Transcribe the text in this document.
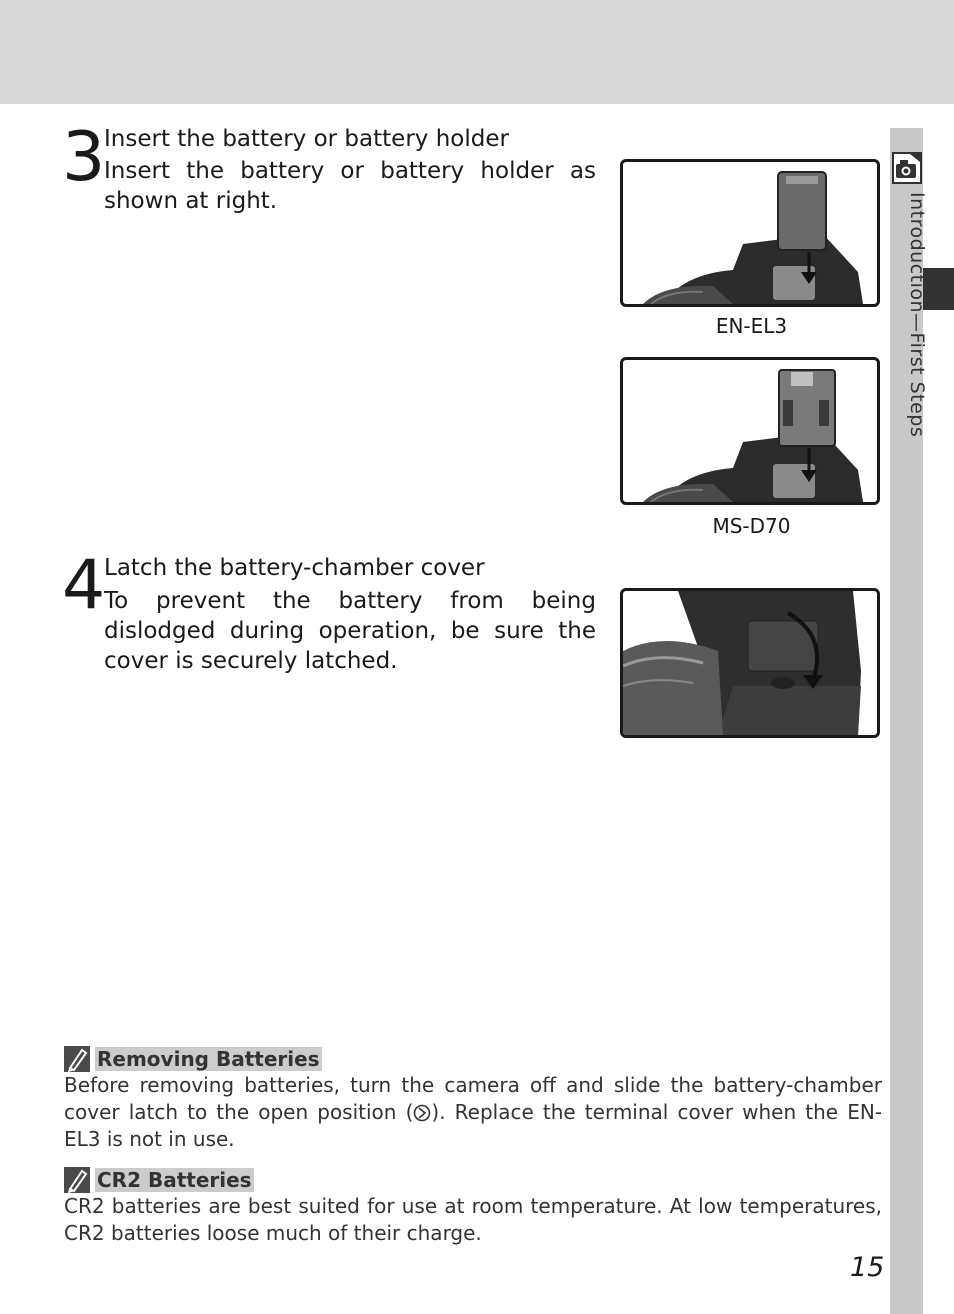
Introduction—First Steps
3
Insert the battery or battery holder
Insert the battery or battery holder as shown at right.
EN-EL3
MS-D70
4
Latch the battery-chamber cover
To prevent the battery from being dislodged during operation, be sure the cover is securely latched.
Removing Batteries
Before removing batteries, turn the camera off and slide the battery-chamber cover latch to the open position ( ). Replace the terminal cover when the EN-EL3 is not in use.
CR2 Batteries
CR2 batteries are best suited for use at room temperature. At low temperatures, CR2 batteries loose much of their charge.
15
